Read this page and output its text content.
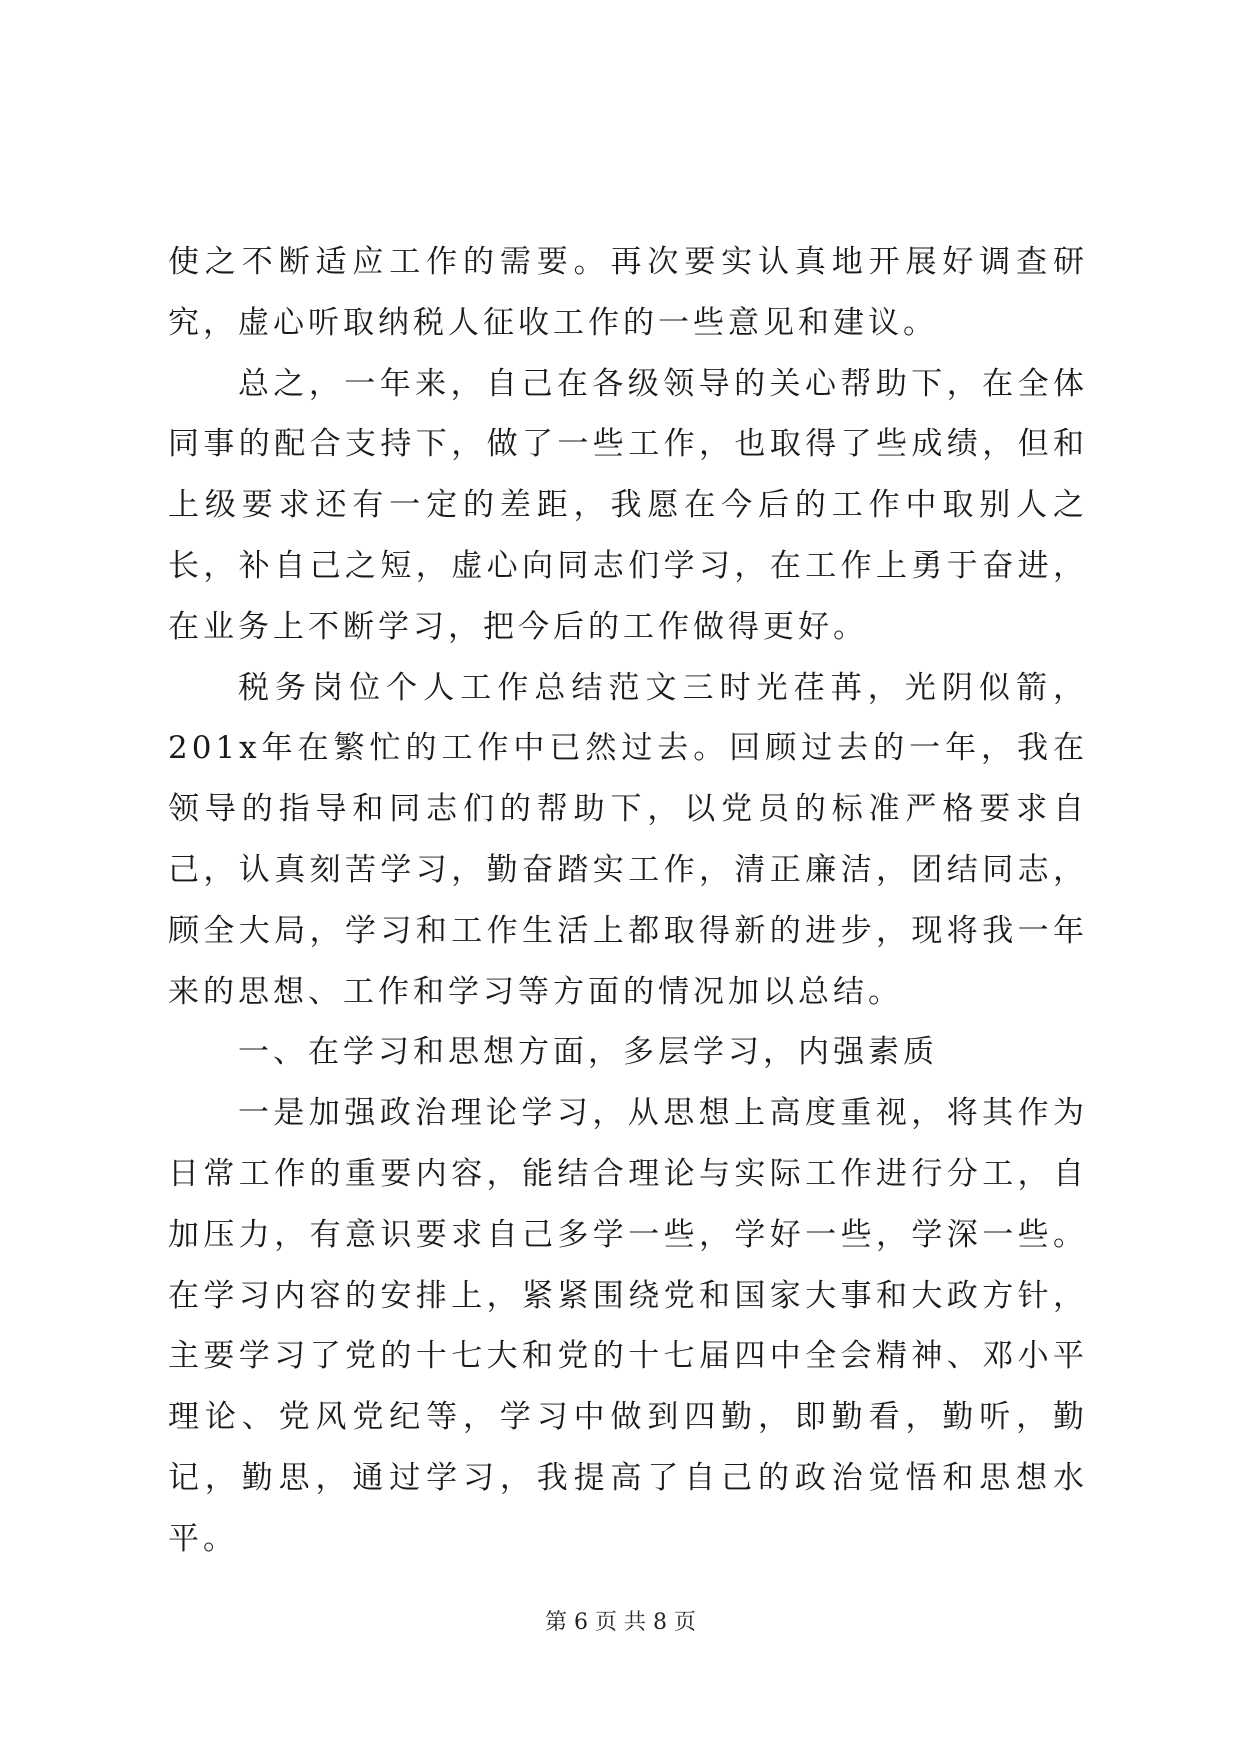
使之不断适应工作的需要。再次要实认真地开展好调查研究，虚心听取纳税人征收工作的一些意见和建议。

总之，一年来，自己在各级领导的关心帮助下，在全体同事的配合支持下，做了一些工作，也取得了些成绩，但和上级要求还有一定的差距，我愿在今后的工作中取别人之长，补自己之短，虚心向同志们学习，在工作上勇于奋进，在业务上不断学习，把今后的工作做得更好。

税务岗位个人工作总结范文三时光荏苒，光阴似箭，201x年在繁忙的工作中已然过去。回顾过去的一年，我在领导的指导和同志们的帮助下，以党员的标准严格要求自己，认真刻苦学习，勤奋踏实工作，清正廉洁，团结同志，顾全大局，学习和工作生活上都取得新的进步，现将我一年来的思想、工作和学习等方面的情况加以总结。

一、在学习和思想方面，多层学习，内强素质

一是加强政治理论学习，从思想上高度重视，将其作为日常工作的重要内容，能结合理论与实际工作进行分工，自加压力，有意识要求自己多学一些，学好一些，学深一些。在学习内容的安排上，紧紧围绕党和国家大事和大政方针，主要学习了党的十七大和党的十七届四中全会精神、邓小平理论、党风党纪等，学习中做到四勤，即勤看，勤听，勤记，勤思，通过学习，我提高了自己的政治觉悟和思想水平。

第 6 页 共 8 页
